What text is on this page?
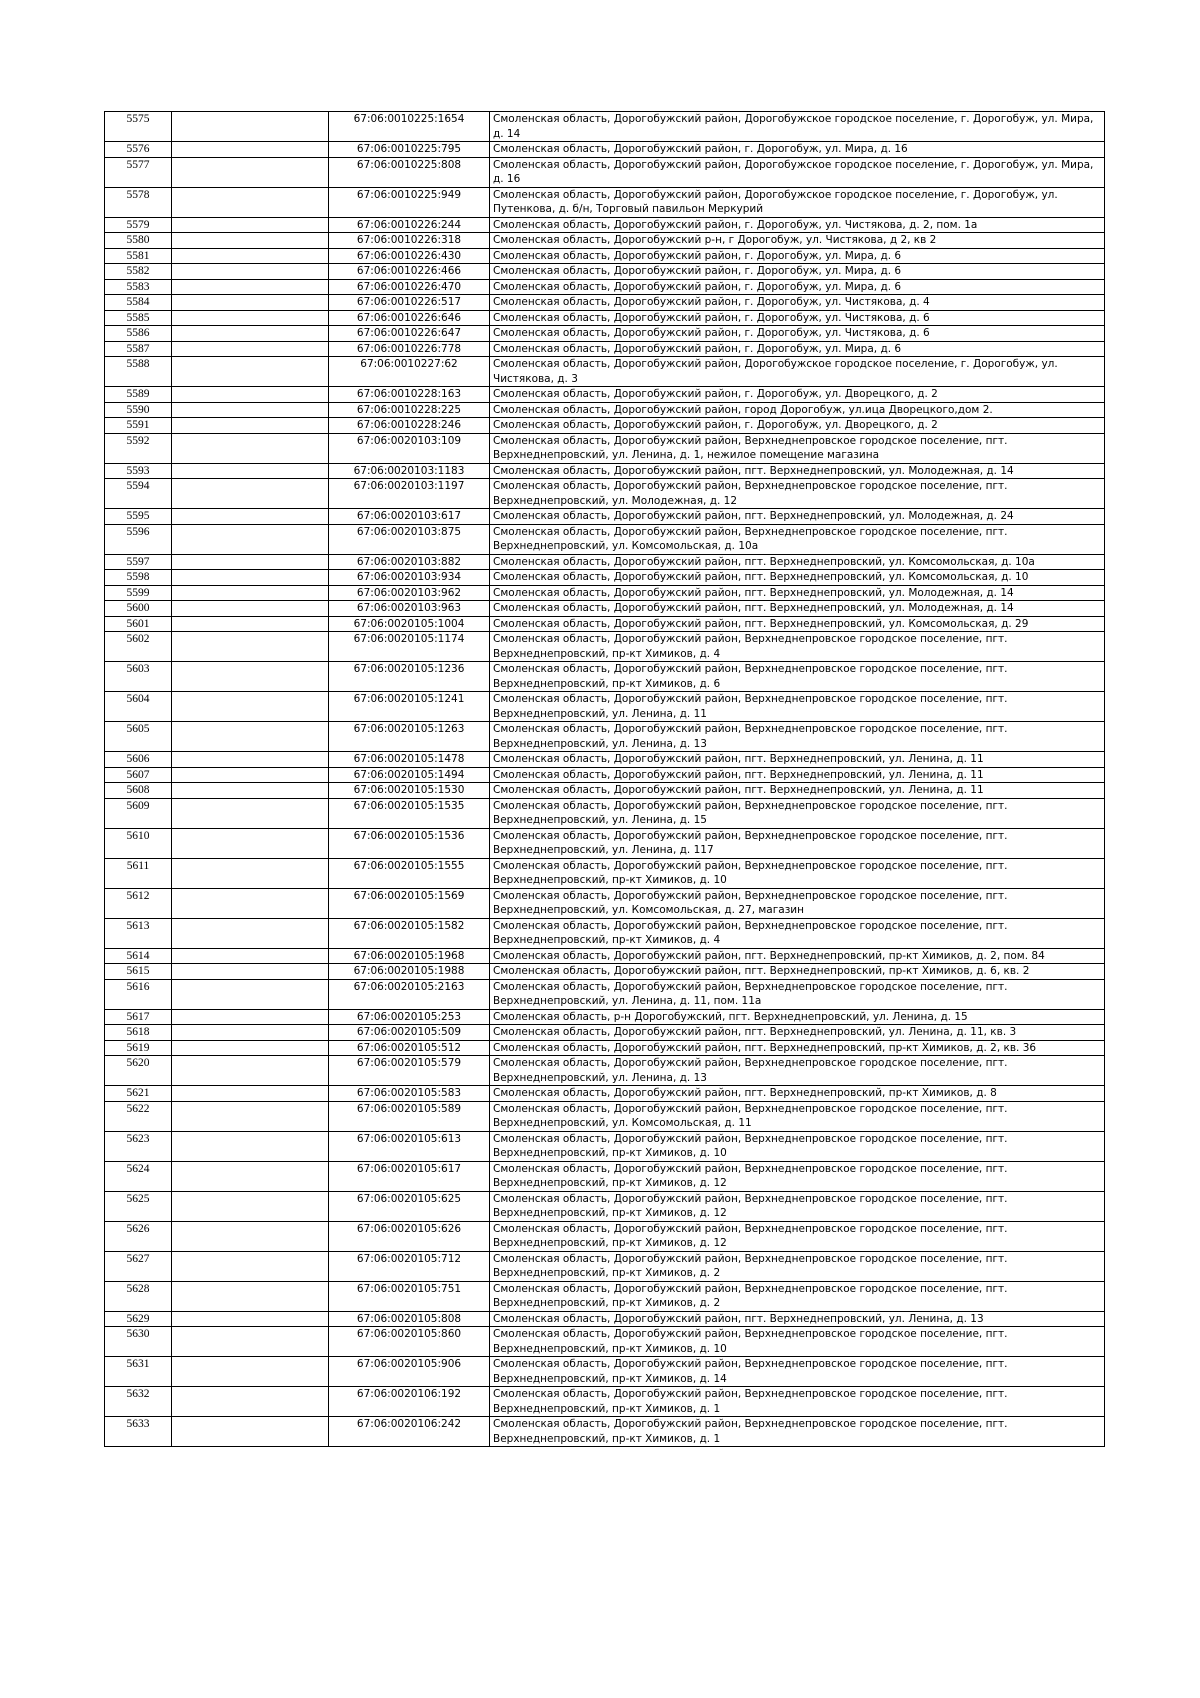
5575		67:06:0010225:1654	Смоленская область, Дорогобужский район, Дорогобужское городское поселение, г. Дорогобуж, ул. Мира, д. 14
5576		67:06:0010225:795	Смоленская область, Дорогобужский район, г. Дорогобуж, ул. Мира, д. 16
5577		67:06:0010225:808	Смоленская область, Дорогобужский район, Дорогобужское городское поселение, г. Дорогобуж, ул. Мира, д. 16
5578		67:06:0010225:949	Смоленская область, Дорогобужский район, Дорогобужское городское поселение, г. Дорогобуж, ул. Путенкова, д. б/н, Торговый павильон Меркурий
5579		67:06:0010226:244	Смоленская область, Дорогобужский район, г. Дорогобуж, ул. Чистякова, д. 2, пом. 1а
5580		67:06:0010226:318	Смоленская область, Дорогобужский р-н, г Дорогобуж, ул. Чистякова, д 2, кв 2
5581		67:06:0010226:430	Смоленская область, Дорогобужский район, г. Дорогобуж, ул. Мира, д. 6
5582		67:06:0010226:466	Смоленская область, Дорогобужский район, г. Дорогобуж, ул. Мира, д. 6
5583		67:06:0010226:470	Смоленская область, Дорогобужский район, г. Дорогобуж, ул. Мира, д. 6
5584		67:06:0010226:517	Смоленская область, Дорогобужский район, г. Дорогобуж, ул. Чистякова, д. 4
5585		67:06:0010226:646	Смоленская область, Дорогобужский район, г. Дорогобуж, ул. Чистякова, д. 6
5586		67:06:0010226:647	Смоленская область, Дорогобужский район, г. Дорогобуж, ул. Чистякова, д. 6
5587		67:06:0010226:778	Смоленская область, Дорогобужский район, г. Дорогобуж, ул. Мира, д. 6
5588		67:06:0010227:62	Смоленская область, Дорогобужский район, Дорогобужское городское поселение, г. Дорогобуж, ул. Чистякова, д. 3
5589		67:06:0010228:163	Смоленская область, Дорогобужский район, г. Дорогобуж, ул. Дворецкого, д. 2
5590		67:06:0010228:225	Смоленская область, Дорогобужский район, город Дорогобуж, ул.ица Дворецкого,дом 2.
5591		67:06:0010228:246	Смоленская область, Дорогобужский район, г. Дорогобуж, ул. Дворецкого, д. 2
5592		67:06:0020103:109	Смоленская область, Дорогобужский район, Верхнеднепровское городское поселение, пгт. Верхнеднепровский, ул. Ленина, д. 1, нежилое помещение магазина
5593		67:06:0020103:1183	Смоленская область, Дорогобужский район, пгт. Верхнеднепровский, ул. Молодежная, д. 14
5594		67:06:0020103:1197	Смоленская область, Дорогобужский район, Верхнеднепровское городское поселение, пгт. Верхнеднепровский, ул. Молодежная, д. 12
5595		67:06:0020103:617	Смоленская область, Дорогобужский район, пгт. Верхнеднепровский, ул. Молодежная, д. 24
5596		67:06:0020103:875	Смоленская область, Дорогобужский район, Верхнеднепровское городское поселение, пгт. Верхнеднепровский, ул. Комсомольская, д. 10а
5597		67:06:0020103:882	Смоленская область, Дорогобужский район, пгт. Верхнеднепровский, ул. Комсомольская, д. 10а
5598		67:06:0020103:934	Смоленская область, Дорогобужский район, пгт. Верхнеднепровский, ул. Комсомольская, д. 10
5599		67:06:0020103:962	Смоленская область, Дорогобужский район, пгт. Верхнеднепровский, ул. Молодежная, д. 14
5600		67:06:0020103:963	Смоленская область, Дорогобужский район, пгт. Верхнеднепровский, ул. Молодежная, д. 14
5601		67:06:0020105:1004	Смоленская область, Дорогобужский район, пгт. Верхнеднепровский, ул. Комсомольская, д. 29
5602		67:06:0020105:1174	Смоленская область, Дорогобужский район, Верхнеднепровское городское поселение, пгт. Верхнеднепровский, пр-кт Химиков, д. 4
5603		67:06:0020105:1236	Смоленская область, Дорогобужский район, Верхнеднепровское городское поселение, пгт. Верхнеднепровский, пр-кт Химиков, д. 6
5604		67:06:0020105:1241	Смоленская область, Дорогобужский район, Верхнеднепровское городское поселение, пгт. Верхнеднепровский, ул. Ленина, д. 11
5605		67:06:0020105:1263	Смоленская область, Дорогобужский район, Верхнеднепровское городское поселение, пгт. Верхнеднепровский, ул. Ленина, д. 13
5606		67:06:0020105:1478	Смоленская область, Дорогобужский район, пгт. Верхнеднепровский, ул. Ленина, д. 11
5607		67:06:0020105:1494	Смоленская область, Дорогобужский район, пгт. Верхнеднепровский, ул. Ленина, д. 11
5608		67:06:0020105:1530	Смоленская область, Дорогобужский район, пгт. Верхнеднепровский, ул. Ленина, д. 11
5609		67:06:0020105:1535	Смоленская область, Дорогобужский район, Верхнеднепровское городское поселение, пгт. Верхнеднепровский, ул. Ленина, д. 15
5610		67:06:0020105:1536	Смоленская область, Дорогобужский район, Верхнеднепровское городское поселение, пгт. Верхнеднепровский, ул. Ленина, д. 117
5611		67:06:0020105:1555	Смоленская область, Дорогобужский район, Верхнеднепровское городское поселение, пгт. Верхнеднепровский, пр-кт Химиков, д. 10
5612		67:06:0020105:1569	Смоленская область, Дорогобужский район, Верхнеднепровское городское поселение, пгт. Верхнеднепровский, ул. Комсомольская, д. 27, магазин
5613		67:06:0020105:1582	Смоленская область, Дорогобужский район, Верхнеднепровское городское поселение, пгт. Верхнеднепровский, пр-кт Химиков, д. 4
5614		67:06:0020105:1968	Смоленская область, Дорогобужский район, пгт. Верхнеднепровский, пр-кт Химиков, д. 2, пом. 84
5615		67:06:0020105:1988	Смоленская область, Дорогобужский район, пгт. Верхнеднепровский, пр-кт Химиков, д. 6, кв. 2
5616		67:06:0020105:2163	Смоленская область, Дорогобужский район, Верхнеднепровское городское поселение, пгт. Верхнеднепровский, ул. Ленина, д. 11, пом. 11а
5617		67:06:0020105:253	Смоленская область, р-н Дорогобужский, пгт. Верхнеднепровский, ул. Ленина, д. 15
5618		67:06:0020105:509	Смоленская область, Дорогобужский район, пгт. Верхнеднепровский, ул. Ленина, д. 11, кв. 3
5619		67:06:0020105:512	Смоленская область, Дорогобужский район, пгт. Верхнеднепровский, пр-кт Химиков, д. 2, кв. 36
5620		67:06:0020105:579	Смоленская область, Дорогобужский район, Верхнеднепровское городское поселение, пгт. Верхнеднепровский, ул. Ленина, д. 13
5621		67:06:0020105:583	Смоленская область, Дорогобужский район, пгт. Верхнеднепровский, пр-кт Химиков, д. 8
5622		67:06:0020105:589	Смоленская область, Дорогобужский район, Верхнеднепровское городское поселение, пгт. Верхнеднепровский, ул. Комсомольская, д. 11
5623		67:06:0020105:613	Смоленская область, Дорогобужский район, Верхнеднепровское городское поселение, пгт. Верхнеднепровский, пр-кт Химиков, д. 10
5624		67:06:0020105:617	Смоленская область, Дорогобужский район, Верхнеднепровское городское поселение, пгт. Верхнеднепровский, пр-кт Химиков, д. 12
5625		67:06:0020105:625	Смоленская область, Дорогобужский район, Верхнеднепровское городское поселение, пгт. Верхнеднепровский, пр-кт Химиков, д. 12
5626		67:06:0020105:626	Смоленская область, Дорогобужский район, Верхнеднепровское городское поселение, пгт. Верхнеднепровский, пр-кт Химиков, д. 12
5627		67:06:0020105:712	Смоленская область, Дорогобужский район, Верхнеднепровское городское поселение, пгт. Верхнеднепровский, пр-кт Химиков, д. 2
5628		67:06:0020105:751	Смоленская область, Дорогобужский район, Верхнеднепровское городское поселение, пгт. Верхнеднепровский, пр-кт Химиков, д. 2
5629		67:06:0020105:808	Смоленская область, Дорогобужский район, пгт. Верхнеднепровский, ул. Ленина, д. 13
5630		67:06:0020105:860	Смоленская область, Дорогобужский район, Верхнеднепровское городское поселение, пгт. Верхнеднепровский, пр-кт Химиков, д. 10
5631		67:06:0020105:906	Смоленская область, Дорогобужский район, Верхнеднепровское городское поселение, пгт. Верхнеднепровский, пр-кт Химиков, д. 14
5632		67:06:0020106:192	Смоленская область, Дорогобужский район, Верхнеднепровское городское поселение, пгт. Верхнеднепровский, пр-кт Химиков, д. 1
5633		67:06:0020106:242	Смоленская область, Дорогобужский район, Верхнеднепровское городское поселение, пгт. Верхнеднепровский, пр-кт Химиков, д. 1
